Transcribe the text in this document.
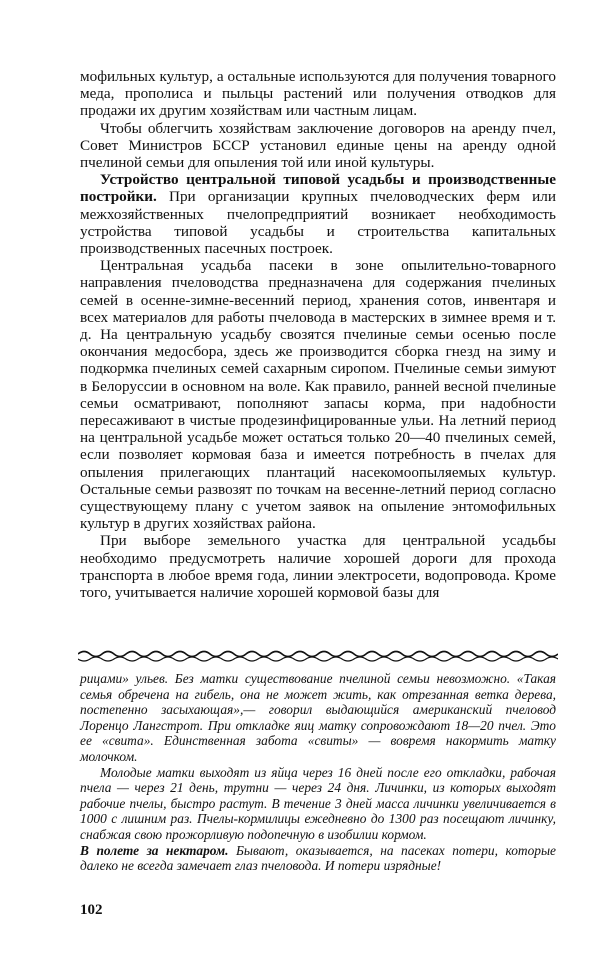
мофильных культур, а остальные используются для получения товарного меда, прополиса и пыльцы растений или получения отводков для продажи их другим хозяйствам или частным лицам.

Чтобы облегчить хозяйствам заключение договоров на аренду пчел, Совет Министров БССР установил единые цены на аренду одной пчелиной семьи для опыления той или иной культуры.

Устройство центральной типовой усадьбы и производственные постройки. При организации крупных пчеловодческих ферм или межхозяйственных пчелопредприятий возникает необходимость устройства типовой усадьбы и строительства капитальных производственных пасечных построек.

Центральная усадьба пасеки в зоне опылительно-товарного направления пчеловодства предназначена для содержания пчелиных семей в осенне-зимне-весенний период, хранения сотов, инвентаря и всех материалов для работы пчеловода в мастерских в зимнее время и т. д. На центральную усадьбу свозятся пчелиные семьи осенью после окончания медосбора, здесь же производится сборка гнезд на зиму и подкормка пчелиных семей сахарным сиропом. Пчелиные семьи зимуют в Белоруссии в основном на воле. Как правило, ранней весной пчелиные семьи осматривают, пополняют запасы корма, при надобности пересаживают в чистые продезинфицированные ульи. На летний период на центральной усадьбе может остаться только 20—40 пчелиных семей, если позволяет кормовая база и имеется потребность в пчелах для опыления прилегающих плантаций насекомоопыляемых культур. Остальные семьи развозят по точкам на весенне-летний период согласно существующему плану с учетом заявок на опыление энтомофильных культур в других хозяйствах района.

При выборе земельного участка для центральной усадьбы необходимо предусмотреть наличие хорошей дороги для прохода транспорта в любое время года, линии электросети, водопровода. Кроме того, учитывается наличие хорошей кормовой базы для

рицами» ульев. Без матки существование пчелиной семьи невозможно. «Такая семья обречена на гибель, она не может жить, как отрезанная ветка дерева, постепенно засыхающая»,— говорил выдающийся американский пчеловод Лоренцо Лангстрот. При откладке яиц матку сопровождают 18—20 пчел. Это ее «свита». Единственная забота «свиты» — вовремя накормить матку молочком.

Молодые матки выходят из яйца через 16 дней после его откладки, рабочая пчела — через 21 день, трутни — через 24 дня. Личинки, из которых выходят рабочие пчелы, быстро растут. В течение 3 дней масса личинки увеличивается в 1000 с лишним раз. Пчелы-кормилицы ежедневно до 1300 раз посещают личинку, снабжая свою прожорливую подопечную в изобилии кормом.

В полете за нектаром. Бывают, оказывается, на пасеках потери, которые далеко не всегда замечает глаз пчеловода. И потери изрядные!

102
